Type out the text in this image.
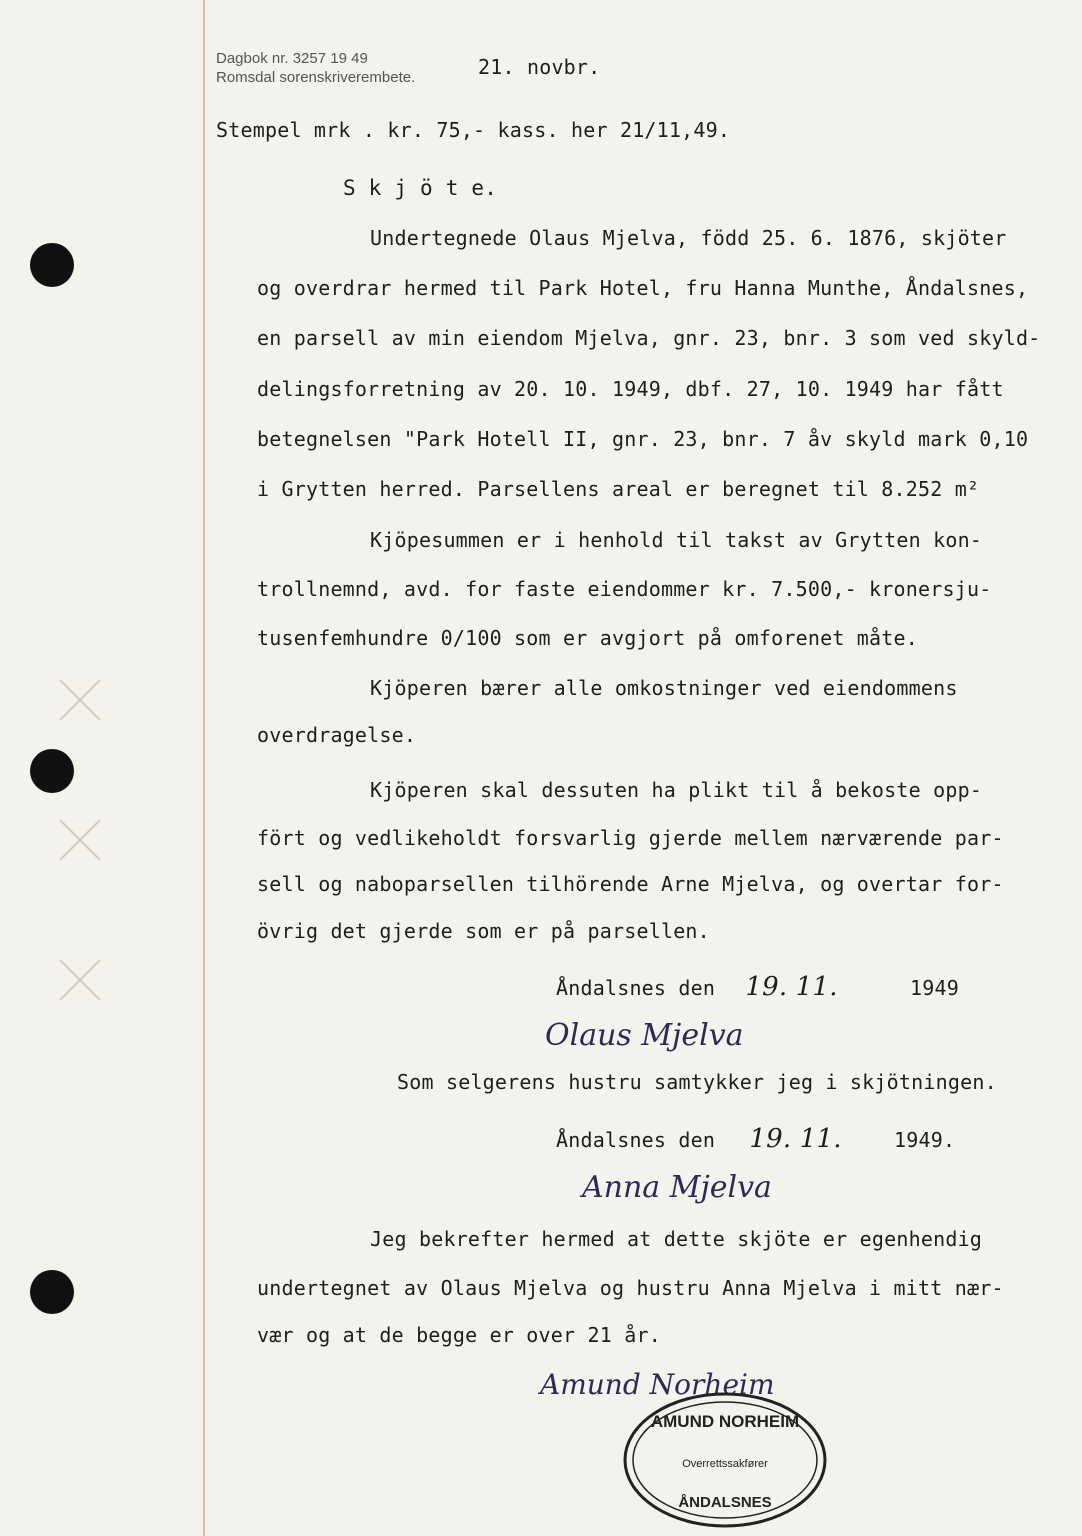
Dagbok nr. 3257 19 49
Romsdal sorenskriverembete.	21. novbr.
Stempel mrk . kr. 75,- kass. her 21/11,49.
S k j ö t e.
Undertegnede Olaus Mjelva, född 25. 6. 1876, skjöter
og overdrar hermed til Park Hotel, fru Hanna Munthe, Åndalsnes,
en parsell av min eiendom Mjelva, gnr. 23, bnr. 3 som ved skyld-
delingsforretning av 20. 10. 1949, dbf. 27, 10. 1949 har fått
betegnelsen "Park Hotell II, gnr. 23, bnr. 7 åv skyld mark 0,10
i Grytten herred. Parsellens areal er beregnet til 8.252 m²
Kjöpesummen er i henhold til takst av Grytten kon-
trollnemnd, avd. for faste eiendommer kr. 7.500,- kronersju-
tusenfemhundre 0/100 som er avgjort på omforenet måte.
Kjöperen bærer alle omkostninger ved eiendommens
overdragelse.
Kjöperen skal dessuten ha plikt til å bekoste opp-
fört og vedlikeholdt forsvarlig gjerde mellem nærværende par-
sell og naboparsellen tilhörende Arne Mjelva, og overtar for-
övrig det gjerde som er på parsellen.
Åndalsnes den 19. 11.	1949
Olaus Mjelva
Som selgerens hustru samtykker jeg i skjötningen.
Åndalsnes den 19. 11.	1949.
Anna Mjelva
Jeg bekrefter hermed at dette skjöte er egenhendig
undertegnet av Olaus Mjelva og hustru Anna Mjelva i mitt nær-
vær og at de begge er over 21 år.
Amund Norheim
AMUND NORHEIM
Overrettssakfører
ÅNDALSNES
